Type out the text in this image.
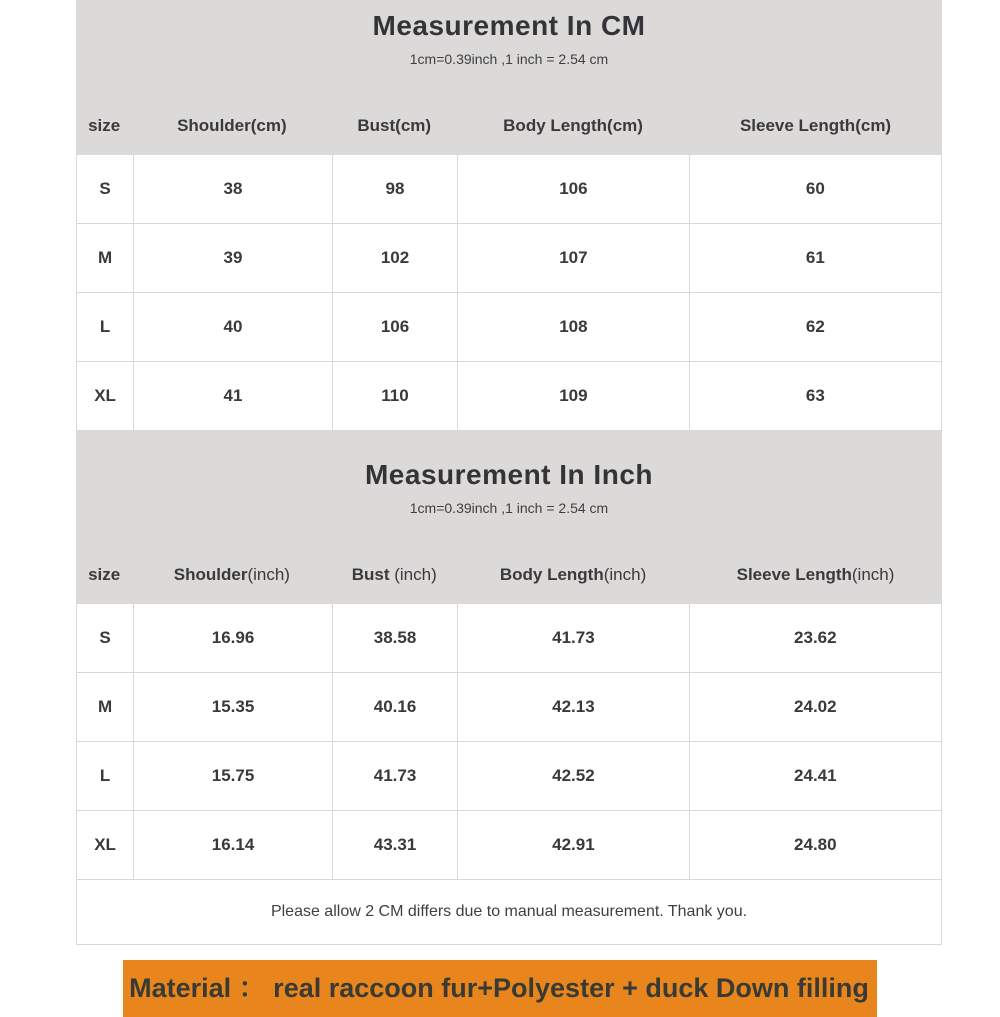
Measurement In CM
1cm=0.39inch ,1 inch = 2.54 cm
size	Shoulder(cm)	Bust(cm)	Body Length(cm)	Sleeve Length(cm)
S	38	98	106	60
M	39	102	107	61
L	40	106	108	62
XL	41	110	109	63
Measurement In Inch
1cm=0.39inch ,1 inch = 2.54 cm
size	Shoulder(inch)	Bust (inch)	Body Length(inch)	Sleeve Length(inch)
S	16.96	38.58	41.73	23.62
M	15.35	40.16	42.13	24.02
L	15.75	41.73	42.52	24.41
XL	16.14	43.31	42.91	24.80
Please allow 2 CM differs due to manual measurement. Thank you.
Material ： real raccoon fur+Polyester + duck Down filling
